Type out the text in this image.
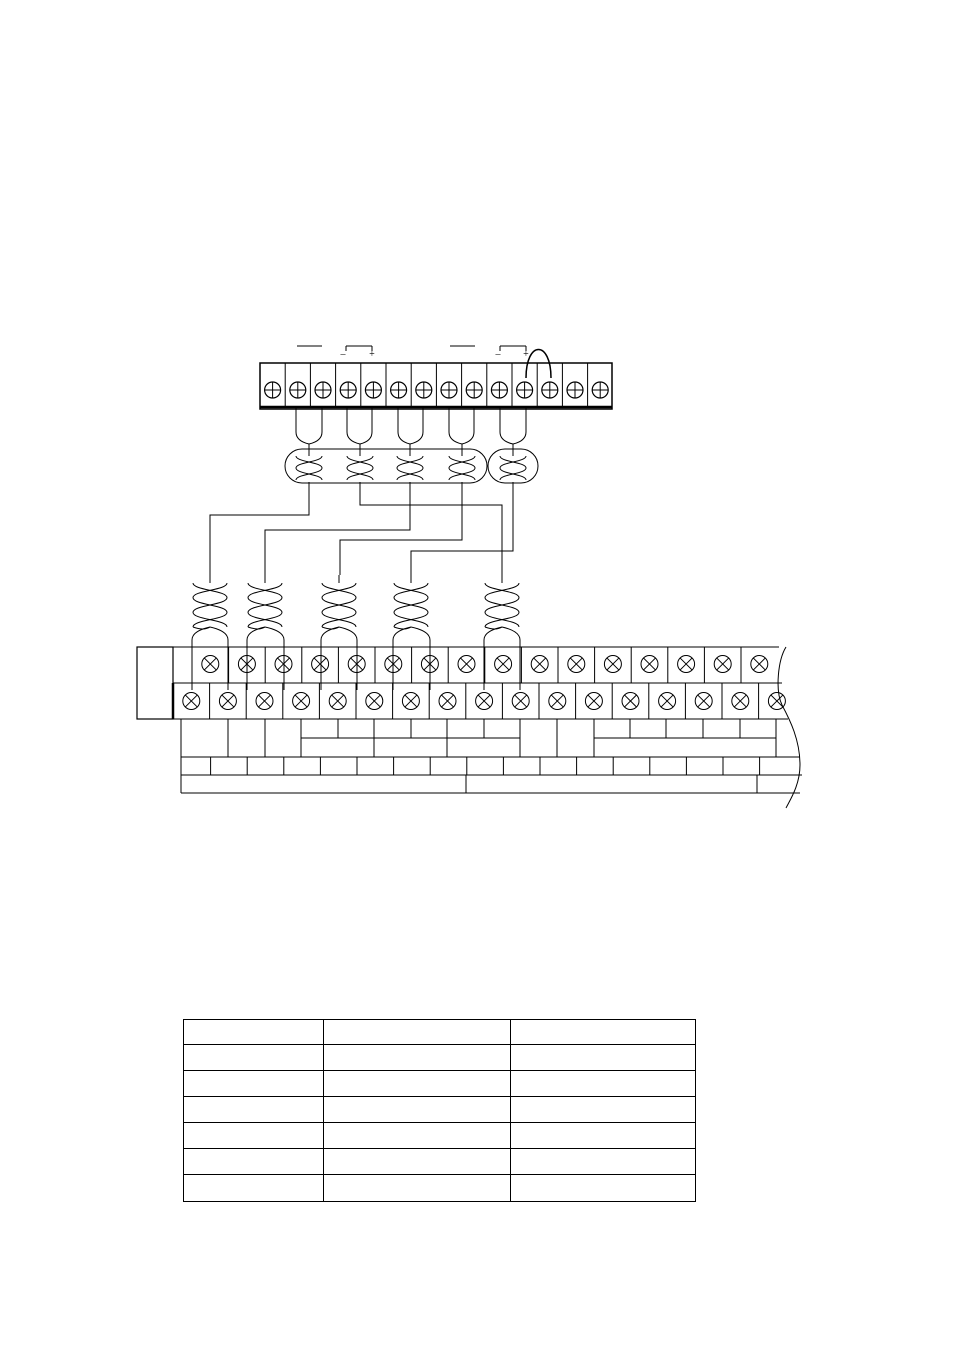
– +	– +
